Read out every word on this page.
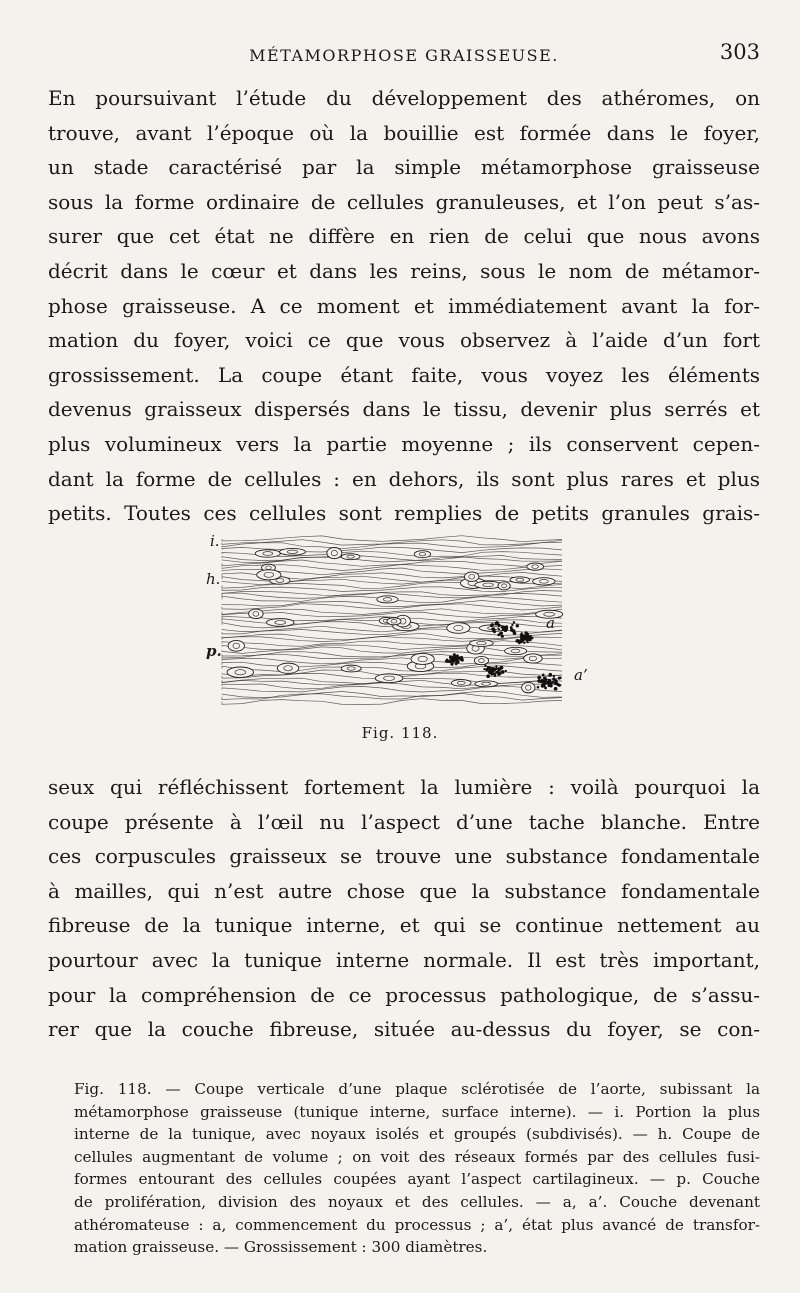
MÉTAMORPHOSE GRAISSEUSE.	303
En poursuivant l’étude du développement des athéromes, on
trouve, avant l’époque où la bouillie est formée dans le foyer,
un stade caractérisé par la simple métamorphose graisseuse
sous la forme ordinaire de cellules granuleuses, et l’on peut s’as-
surer que cet état ne diffère en rien de celui que nous avons
décrit dans le cœur et dans les reins, sous le nom de métamor-
phose graisseuse. A ce moment et immédiatement avant la for-
mation du foyer, voici ce que vous observez à l’aide d’un fort
grossissement. La coupe étant faite, vous voyez les éléments
devenus graisseux dispersés dans le tissu, devenir plus serrés et
plus volumineux vers la partie moyenne ; ils conservent cepen-
dant la forme de cellules : en dehors, ils sont plus rares et plus
petits. Toutes ces cellules sont remplies de petits granules grais-
i.
h.
p.
a
a’
Fig. 118.
seux qui réfléchissent fortement la lumière : voilà pourquoi la
coupe présente à l’œil nu l’aspect d’une tache blanche. Entre
ces corpuscules graisseux se trouve une substance fondamentale
à mailles, qui n’est autre chose que la substance fondamentale
fibreuse de la tunique interne, et qui se continue nettement au
pourtour avec la tunique interne normale. Il est très important,
pour la compréhension de ce processus pathologique, de s’assu-
rer que la couche fibreuse, située au-dessus du foyer, se con-
Fig. 118. — Coupe verticale d’une plaque sclérotisée de l’aorte, subissant la
métamorphose graisseuse (tunique interne, surface interne). — i. Portion la plus
interne de la tunique, avec noyaux isolés et groupés (subdivisés). — h. Coupe de
cellules augmentant de volume ; on voit des réseaux formés par des cellules fusi-
formes entourant des cellules coupées ayant l’aspect cartilagineux. — p. Couche
de prolifération, division des noyaux et des cellules. — a, a’. Couche devenant
athéromateuse : a, commencement du processus ; a’, état plus avancé de transfor-
mation graisseuse. — Grossissement : 300 diamètres.
